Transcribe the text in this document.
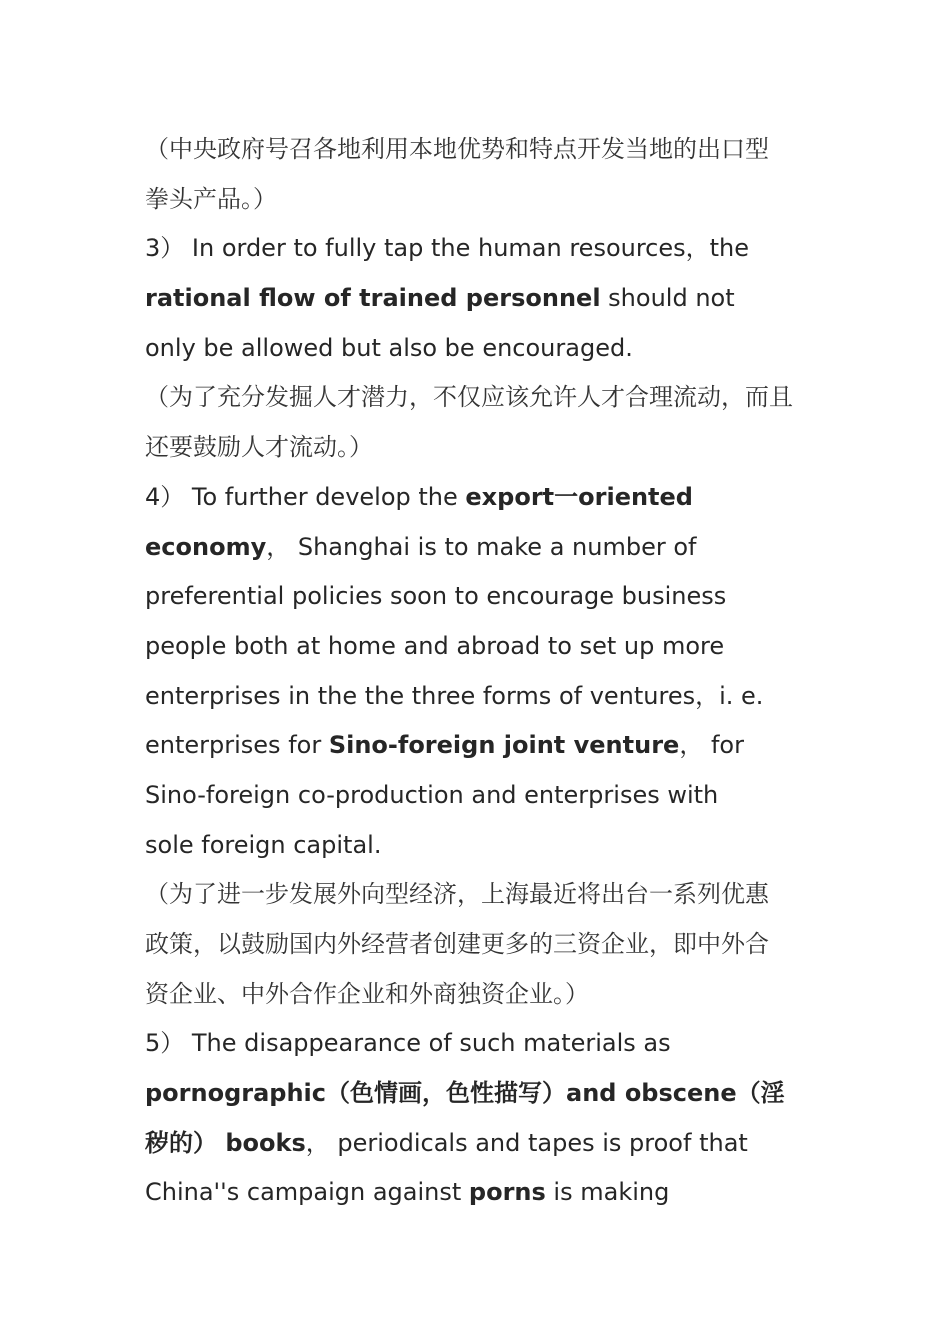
（中央政府号召各地利用本地优势和特点开发当地的出口型
拳头产品。）
3） In order to fully tap the human resources，the
rational flow of trained personnel should not
only be allowed but also be encouraged.
（为了充分发掘人才潜力，不仅应该允许人才合理流动，而且
还要鼓励人才流动。）
4） To further develop the export一oriented
economy， Shanghai is to make a number of
preferential policies soon to encourage business
people both at home and abroad to set up more
enterprises in the the three forms of ventures，i. e.
enterprises for Sino-foreign joint venture， for
Sino-foreign co-production and enterprises with
sole foreign capital.
（为了进一步发展外向型经济，上海最近将出台一系列优惠
政策，以鼓励国内外经营者创建更多的三资企业，即中外合
资企业、中外合作企业和外商独资企业。）
5） The disappearance of such materials as
pornographic（色情画，色性描写）and obscene（淫
秽的） books， periodicals and tapes is proof that
China''s campaign against porns is making
